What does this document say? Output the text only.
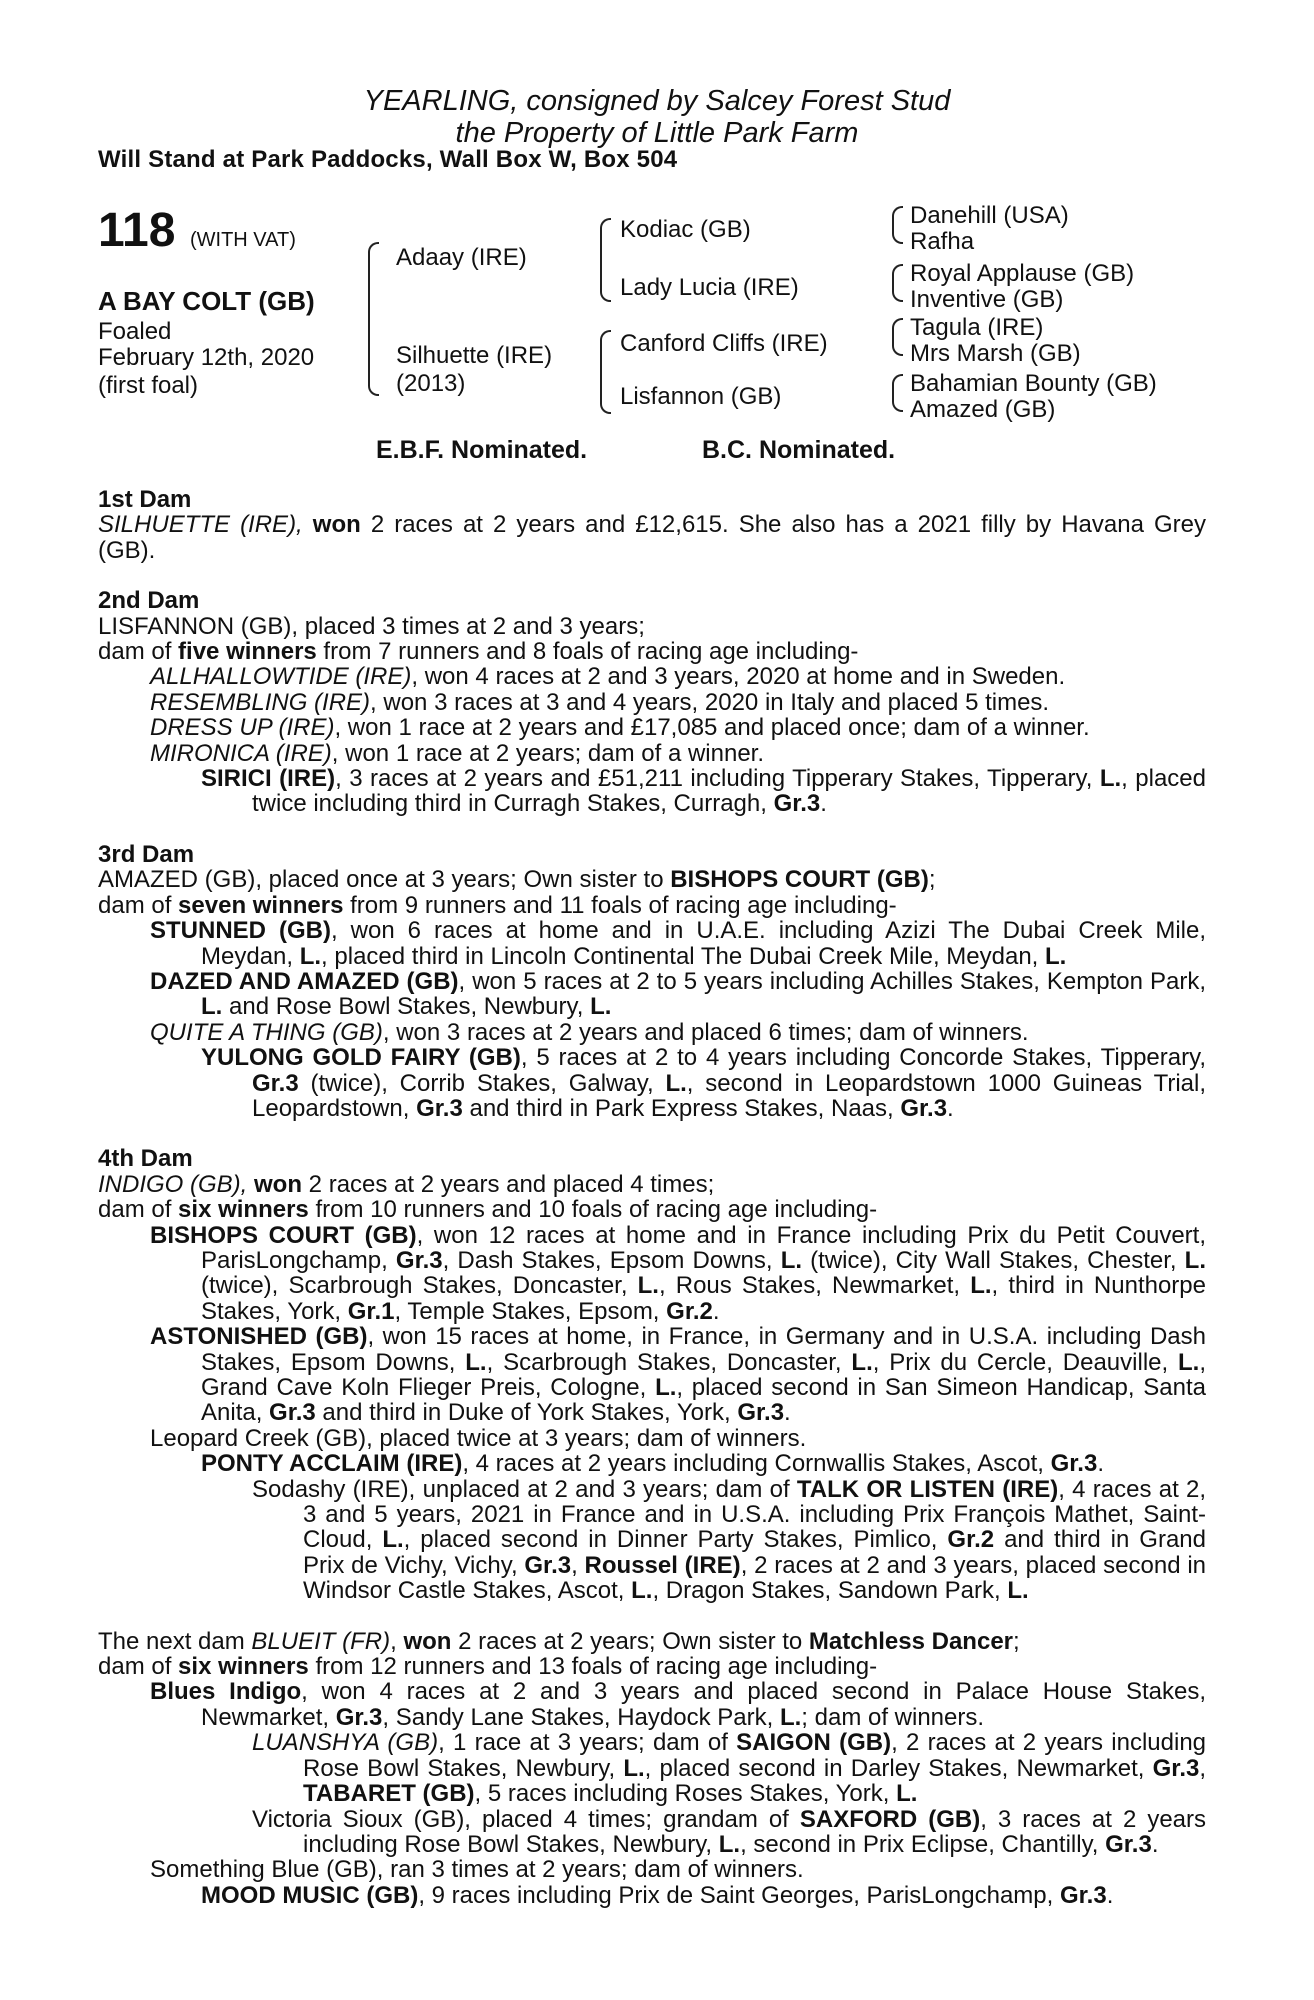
YEARLING, consigned by Salcey Forest Stud
the Property of Little Park Farm
Will Stand at Park Paddocks, Wall Box W, Box 504
118 (WITH VAT)
A BAY COLT (GB)
Foaled
February 12th, 2020
(first foal)
Adaay (IRE)
Silhuette (IRE)
(2013)
Kodiac (GB)
Lady Lucia (IRE)
Canford Cliffs (IRE)
Lisfannon (GB)
Danehill (USA)
Rafha
Royal Applause (GB)
Inventive (GB)
Tagula (IRE)
Mrs Marsh (GB)
Bahamian Bounty (GB)
Amazed (GB)
E.B.F. Nominated.	B.C. Nominated.
1st Dam

SILHUETTE (IRE), won 2 races at 2 years and £12,615. She also has a 2021 filly by Havana Grey (GB).

2nd Dam

LISFANNON (GB), placed 3 times at 2 and 3 years;

dam of five winners from 7 runners and 8 foals of racing age including-

ALLHALLOWTIDE (IRE), won 4 races at 2 and 3 years, 2020 at home and in Sweden.

RESEMBLING (IRE), won 3 races at 3 and 4 years, 2020 in Italy and placed 5 times.

DRESS UP (IRE), won 1 race at 2 years and £17,085 and placed once; dam of a winner.

MIRONICA (IRE), won 1 race at 2 years; dam of a winner.

SIRICI (IRE), 3 races at 2 years and £51,211 including Tipperary Stakes, Tipperary, L., placed twice including third in Curragh Stakes, Curragh, Gr.3.

3rd Dam

AMAZED (GB), placed once at 3 years; Own sister to BISHOPS COURT (GB);

dam of seven winners from 9 runners and 11 foals of racing age including-

STUNNED (GB), won 6 races at home and in U.A.E. including Azizi The Dubai Creek Mile, Meydan, L., placed third in Lincoln Continental The Dubai Creek Mile, Meydan, L.

DAZED AND AMAZED (GB), won 5 races at 2 to 5 years including Achilles Stakes, Kempton Park, L. and Rose Bowl Stakes, Newbury, L.

QUITE A THING (GB), won 3 races at 2 years and placed 6 times; dam of winners.

YULONG GOLD FAIRY (GB), 5 races at 2 to 4 years including Concorde Stakes, Tipperary, Gr.3 (twice), Corrib Stakes, Galway, L., second in Leopardstown 1000 Guineas Trial, Leopardstown, Gr.3 and third in Park Express Stakes, Naas, Gr.3.

4th Dam

INDIGO (GB), won 2 races at 2 years and placed 4 times;

dam of six winners from 10 runners and 10 foals of racing age including-

BISHOPS COURT (GB), won 12 races at home and in France including Prix du Petit Couvert, ParisLongchamp, Gr.3, Dash Stakes, Epsom Downs, L. (twice), City Wall Stakes, Chester, L. (twice), Scarbrough Stakes, Doncaster, L., Rous Stakes, Newmarket, L., third in Nunthorpe Stakes, York, Gr.1, Temple Stakes, Epsom, Gr.2.

ASTONISHED (GB), won 15 races at home, in France, in Germany and in U.S.A. including Dash Stakes, Epsom Downs, L., Scarbrough Stakes, Doncaster, L., Prix du Cercle, Deauville, L., Grand Cave Koln Flieger Preis, Cologne, L., placed second in San Simeon Handicap, Santa Anita, Gr.3 and third in Duke of York Stakes, York, Gr.3.

Leopard Creek (GB), placed twice at 3 years; dam of winners.

PONTY ACCLAIM (IRE), 4 races at 2 years including Cornwallis Stakes, Ascot, Gr.3.

Sodashy (IRE), unplaced at 2 and 3 years; dam of TALK OR LISTEN (IRE), 4 races at 2, 3 and 5 years, 2021 in France and in U.S.A. including Prix François Mathet, Saint-Cloud, L., placed second in Dinner Party Stakes, Pimlico, Gr.2 and third in Grand Prix de Vichy, Vichy, Gr.3, Roussel (IRE), 2 races at 2 and 3 years, placed second in Windsor Castle Stakes, Ascot, L., Dragon Stakes, Sandown Park, L.

The next dam BLUEIT (FR), won 2 races at 2 years; Own sister to Matchless Dancer;

dam of six winners from 12 runners and 13 foals of racing age including-

Blues Indigo, won 4 races at 2 and 3 years and placed second in Palace House Stakes, Newmarket, Gr.3, Sandy Lane Stakes, Haydock Park, L.; dam of winners.

LUANSHYA (GB), 1 race at 3 years; dam of SAIGON (GB), 2 races at 2 years including Rose Bowl Stakes, Newbury, L., placed second in Darley Stakes, Newmarket, Gr.3, TABARET (GB), 5 races including Roses Stakes, York, L.

Victoria Sioux (GB), placed 4 times; grandam of SAXFORD (GB), 3 races at 2 years including Rose Bowl Stakes, Newbury, L., second in Prix Eclipse, Chantilly, Gr.3.

Something Blue (GB), ran 3 times at 2 years; dam of winners.

MOOD MUSIC (GB), 9 races including Prix de Saint Georges, ParisLongchamp, Gr.3.
